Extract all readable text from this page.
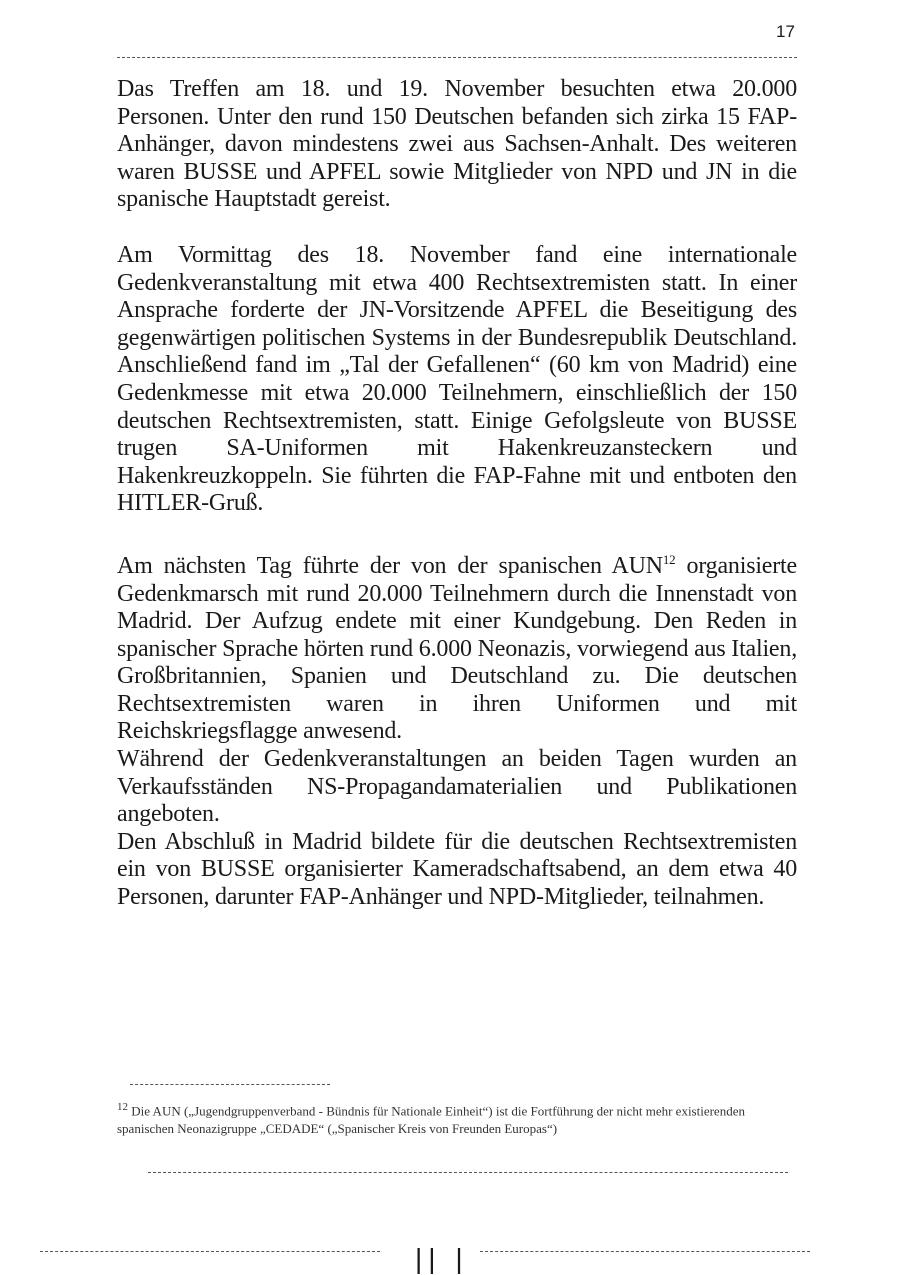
17

Das Treffen am 18. und 19. November besuchten etwa 20.000 Personen. Unter den rund 150 Deutschen befanden sich zirka 15 FAP-Anhänger, davon mindestens zwei aus Sachsen-Anhalt. Des weiteren waren BUSSE und APFEL sowie Mitglieder von NPD und JN in die spanische Hauptstadt gereist.

Am Vormittag des 18. November fand eine internationale Gedenkveranstaltung mit etwa 400 Rechtsextremisten statt. In einer Ansprache forderte der JN-Vorsitzende APFEL die Beseitigung des gegenwärtigen politischen Systems in der Bundesrepublik Deutschland. Anschließend fand im „Tal der Gefallenen“ (60 km von Madrid) eine Gedenkmesse mit etwa 20.000 Teilnehmern, einschließlich der 150 deutschen Rechtsextremisten, statt. Einige Gefolgsleute von BUSSE trugen SA-Uniformen mit Hakenkreuzansteckern und Hakenkreuzkoppeln. Sie führten die FAP-Fahne mit und entboten den HITLER-Gruß.

Am nächsten Tag führte der von der spanischen AUN$^{12}$ organisierte Gedenkmarsch mit rund 20.000 Teilnehmern durch die Innenstadt von Madrid. Der Aufzug endete mit einer Kundgebung. Den Reden in spanischer Sprache hörten rund 6.000 Neonazis, vorwiegend aus Italien, Großbritannien, Spanien und Deutschland zu. Die deutschen Rechtsextremisten waren in ihren Uniformen und mit Reichskriegsflagge anwesend.

Während der Gedenkveranstaltungen an beiden Tagen wurden an Verkaufsständen NS-Propagandamaterialien und Publikationen angeboten.

Den Abschluß in Madrid bildete für die deutschen Rechtsextremisten ein von BUSSE organisierter Kameradschaftsabend, an dem etwa 40 Personen, darunter FAP-Anhänger und NPD-Mitglieder, teilnahmen.

$^{12}$ Die AUN („Jugendgruppenverband - Bündnis für Nationale Einheit“) ist die Fortführung der nicht mehr existierenden spanischen Neonazigruppe „CEDADE“ („Spanischer Kreis von Freunden Europas“)
|| |
